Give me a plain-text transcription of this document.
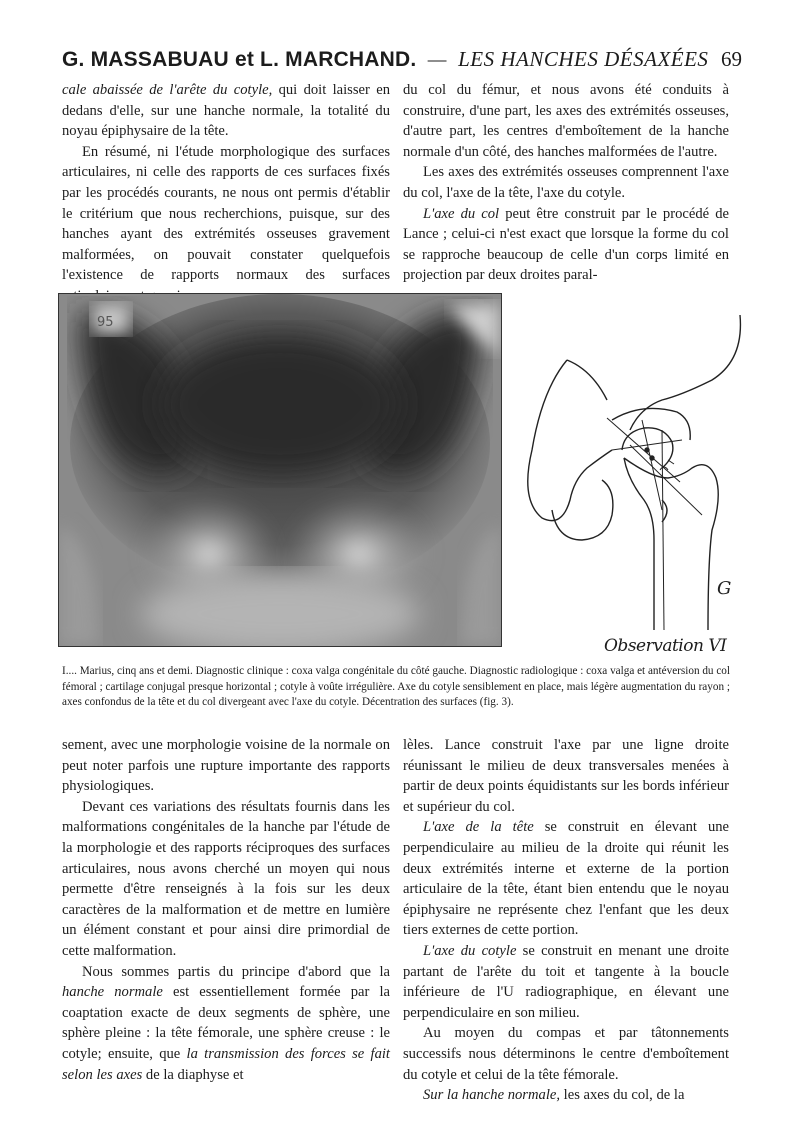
G. MASSABUAU et L. MARCHAND. — LES HANCHES DÉSAXÉES 69

cale abaissée de l'arête du cotyle, qui doit laisser en dedans d'elle, sur une hanche normale, la totalité du noyau épiphysaire de la tête.

En résumé, ni l'étude morphologique des surfaces articulaires, ni celle des rapports de ces surfaces fixés par les procédés courants, ne nous ont permis d'établir le critérium que nous recherchions, puisque, sur des hanches ayant des extrémités osseuses gravement malformées, on pouvait constater quelquefois l'existence de rapports normaux des surfaces

du col du fémur, et nous avons été conduits à construire, d'une part, les axes des extrémités osseuses, d'autre part, les centres d'emboîtement de la hanche normale d'un côté, des hanches malformées de l'autre.

Les axes des extrémités osseuses comprennent l'axe du col, l'axe de la tête, l'axe du cotyle.

L'axe du col peut être construit par le procédé de Lance ; celui-ci n'est exact que lorsque la forme du col se rapproche beaucoup de celle d'un corps limité en projection par deux droites paral-

95
G
Observation VI
I.... Marius, cinq ans et demi. Diagnostic clinique : coxa valga congénitale du côté gauche. Diagnostic radiologique : coxa valga et antéversion du col fémoral ; cartilage conjugal presque horizontal ; cotyle à voûte irrégulière. Axe du cotyle sensiblement en place, mais légère augmentation du rayon ; axes confondus de la tête et du col divergeant avec l'axe du cotyle. Décentration des surfaces (fig. 3).

sement, avec une morphologie voisine de la normale on peut noter parfois une rupture importante des rapports physiologiques.

Devant ces variations des résultats fournis dans les malformations congénitales de la hanche par l'étude de la morphologie et des rapports réciproques des surfaces articulaires, nous avons cherché un moyen qui nous permette d'être renseignés à la fois sur les deux caractères de la malformation et de mettre en lumière un élément constant et pour ainsi dire primordial de cette malformation.

Nous sommes partis du principe d'abord que la hanche normale est essentiellement formée par la coaptation exacte de deux segments de sphère, une sphère pleine : la tête fémorale, une sphère creuse : le cotyle; ensuite, que la transmission des forces se fait selon les axes de la diaphyse et

lèles. Lance construit l'axe par une ligne droite réunissant le milieu de deux transversales menées à partir de deux points équidistants sur les bords inférieur et supérieur du col.

L'axe de la tête se construit en élevant une perpendiculaire au milieu de la droite qui réunit les deux extrémités interne et externe de la portion articulaire de la tête, étant bien entendu que le noyau épiphysaire ne représente chez l'enfant que les deux tiers externes de cette portion.

L'axe du cotyle se construit en menant une droite partant de l'arête du toit et tangente à la boucle inférieure de l'U radiographique, en élevant une perpendiculaire en son milieu.

Au moyen du compas et par tâtonnements successifs nous déterminons le centre d'emboîtement du cotyle et celui de la tête fémorale.

Sur la hanche normale, les axes du col, de la
